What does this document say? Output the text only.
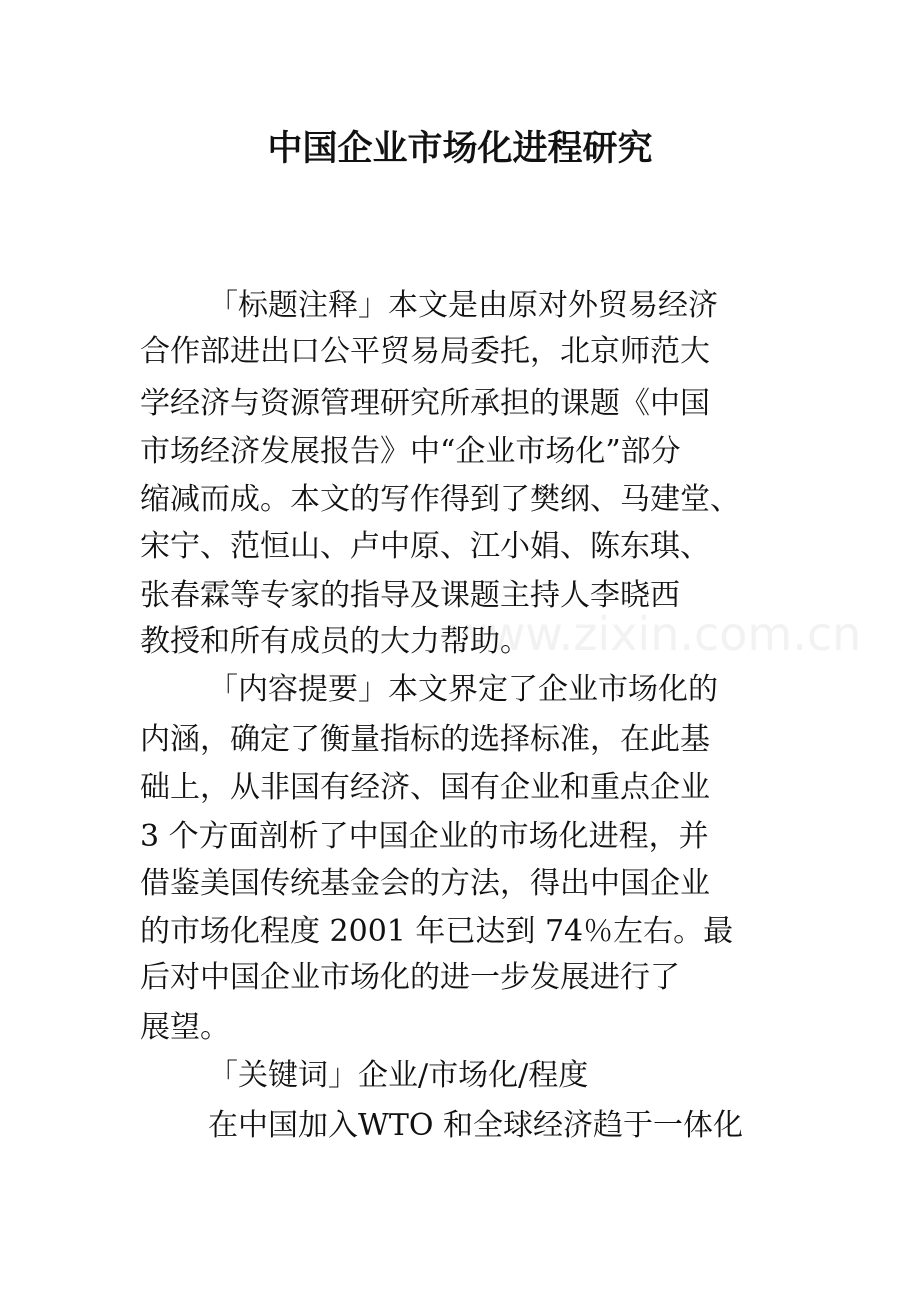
www.zixin.com.cn
中国企业市场化进程研究

「标题注释」本文是由原对外贸易经济

合作部进出口公平贸易局委托，北京师范大

学经济与资源管理研究所承担的课题《中国

市场经济发展报告》中“企业市场化”部分

缩减而成。本文的写作得到了樊纲、马建堂、

宋宁、范恒山、卢中原、江小娟、陈东琪、

张春霖等专家的指导及课题主持人李晓西

教授和所有成员的大力帮助。

「内容提要」本文界定了企业市场化的

内涵，确定了衡量指标的选择标准，在此基

础上，从非国有经济、国有企业和重点企业

3 个方面剖析了中国企业的市场化进程，并

借鉴美国传统基金会的方法，得出中国企业

的市场化程度 2001 年已达到 74％左右。最

后对中国企业市场化的进一步发展进行了

展望。

「关键词」企业/市场化/程度

在中国加入WTO 和全球经济趋于一体化
